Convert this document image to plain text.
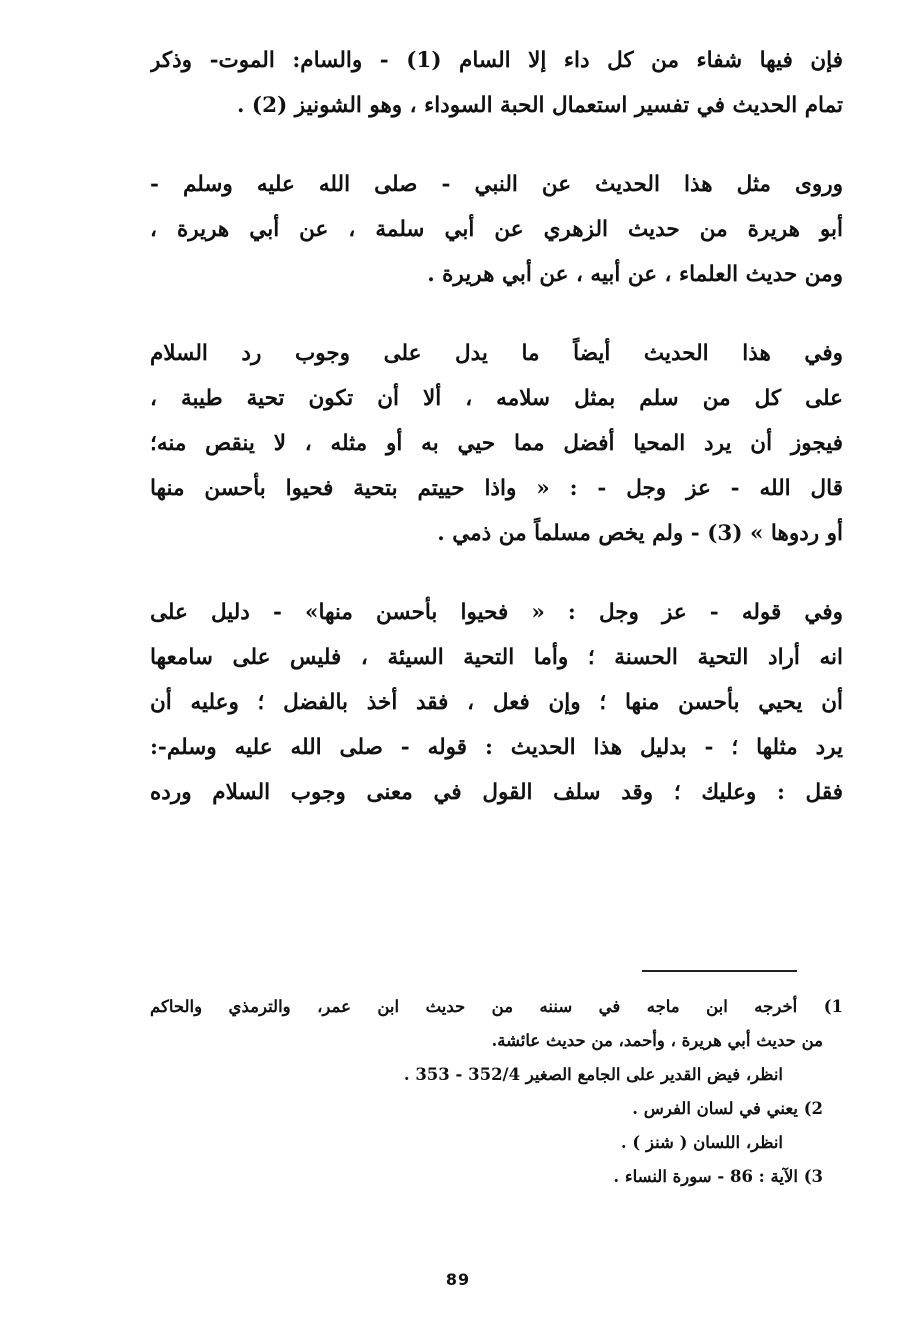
فإن فيها شفاء من كل داء إلا السام (1) - والسام: الموت- وذكر
تمام الحديث في تفسير استعمال الحبة السوداء ، وهو الشونيز (2) .
وروى مثل هذا الحديث عن النبي - صلى الله عليه وسلم -
أبو هريرة من حديث الزهري عن أبي سلمة ، عن أبي هريرة ،
ومن حديث العلماء ، عن أبيه ، عن أبي هريرة .
وفي هذا الحديث أيضاً ما يدل على وجوب رد السلام
على كل من سلم بمثل سلامه ، ألا أن تكون تحية طيبة ،
فيجوز أن يرد المحيا أفضل مما حيي به أو مثله ، لا ينقص منه؛
قال الله - عز وجل - : « واذا حييتم بتحية فحيوا بأحسن منها
أو ردوها » (3) - ولم يخص مسلماً من ذمي .
وفي قوله - عز وجل : « فحيوا بأحسن منها» - دليل على
انه أراد التحية الحسنة ؛ وأما التحية السيئة ، فليس على سامعها
أن يحيي بأحسن منها ؛ وإن فعل ، فقد أخذ بالفضل ؛ وعليه أن
يرد مثلها ؛ - بدليل هذا الحديث : قوله - صلى الله عليه وسلم-:
فقل : وعليك ؛ وقد سلف القول في معنى وجوب السلام ورده
1) أخرجه ابن ماجه في سننه من حديث ابن عمر، والترمذي والحاكم
من حديث أبي هريرة ، وأحمد، من حديث عائشة.
انظر، فيض القدير على الجامع الصغير 352/4 - 353 .
2) يعني في لسان الفرس .
انظر، اللسان ( شنز ) .
3) الآية : 86 - سورة النساء .
89
